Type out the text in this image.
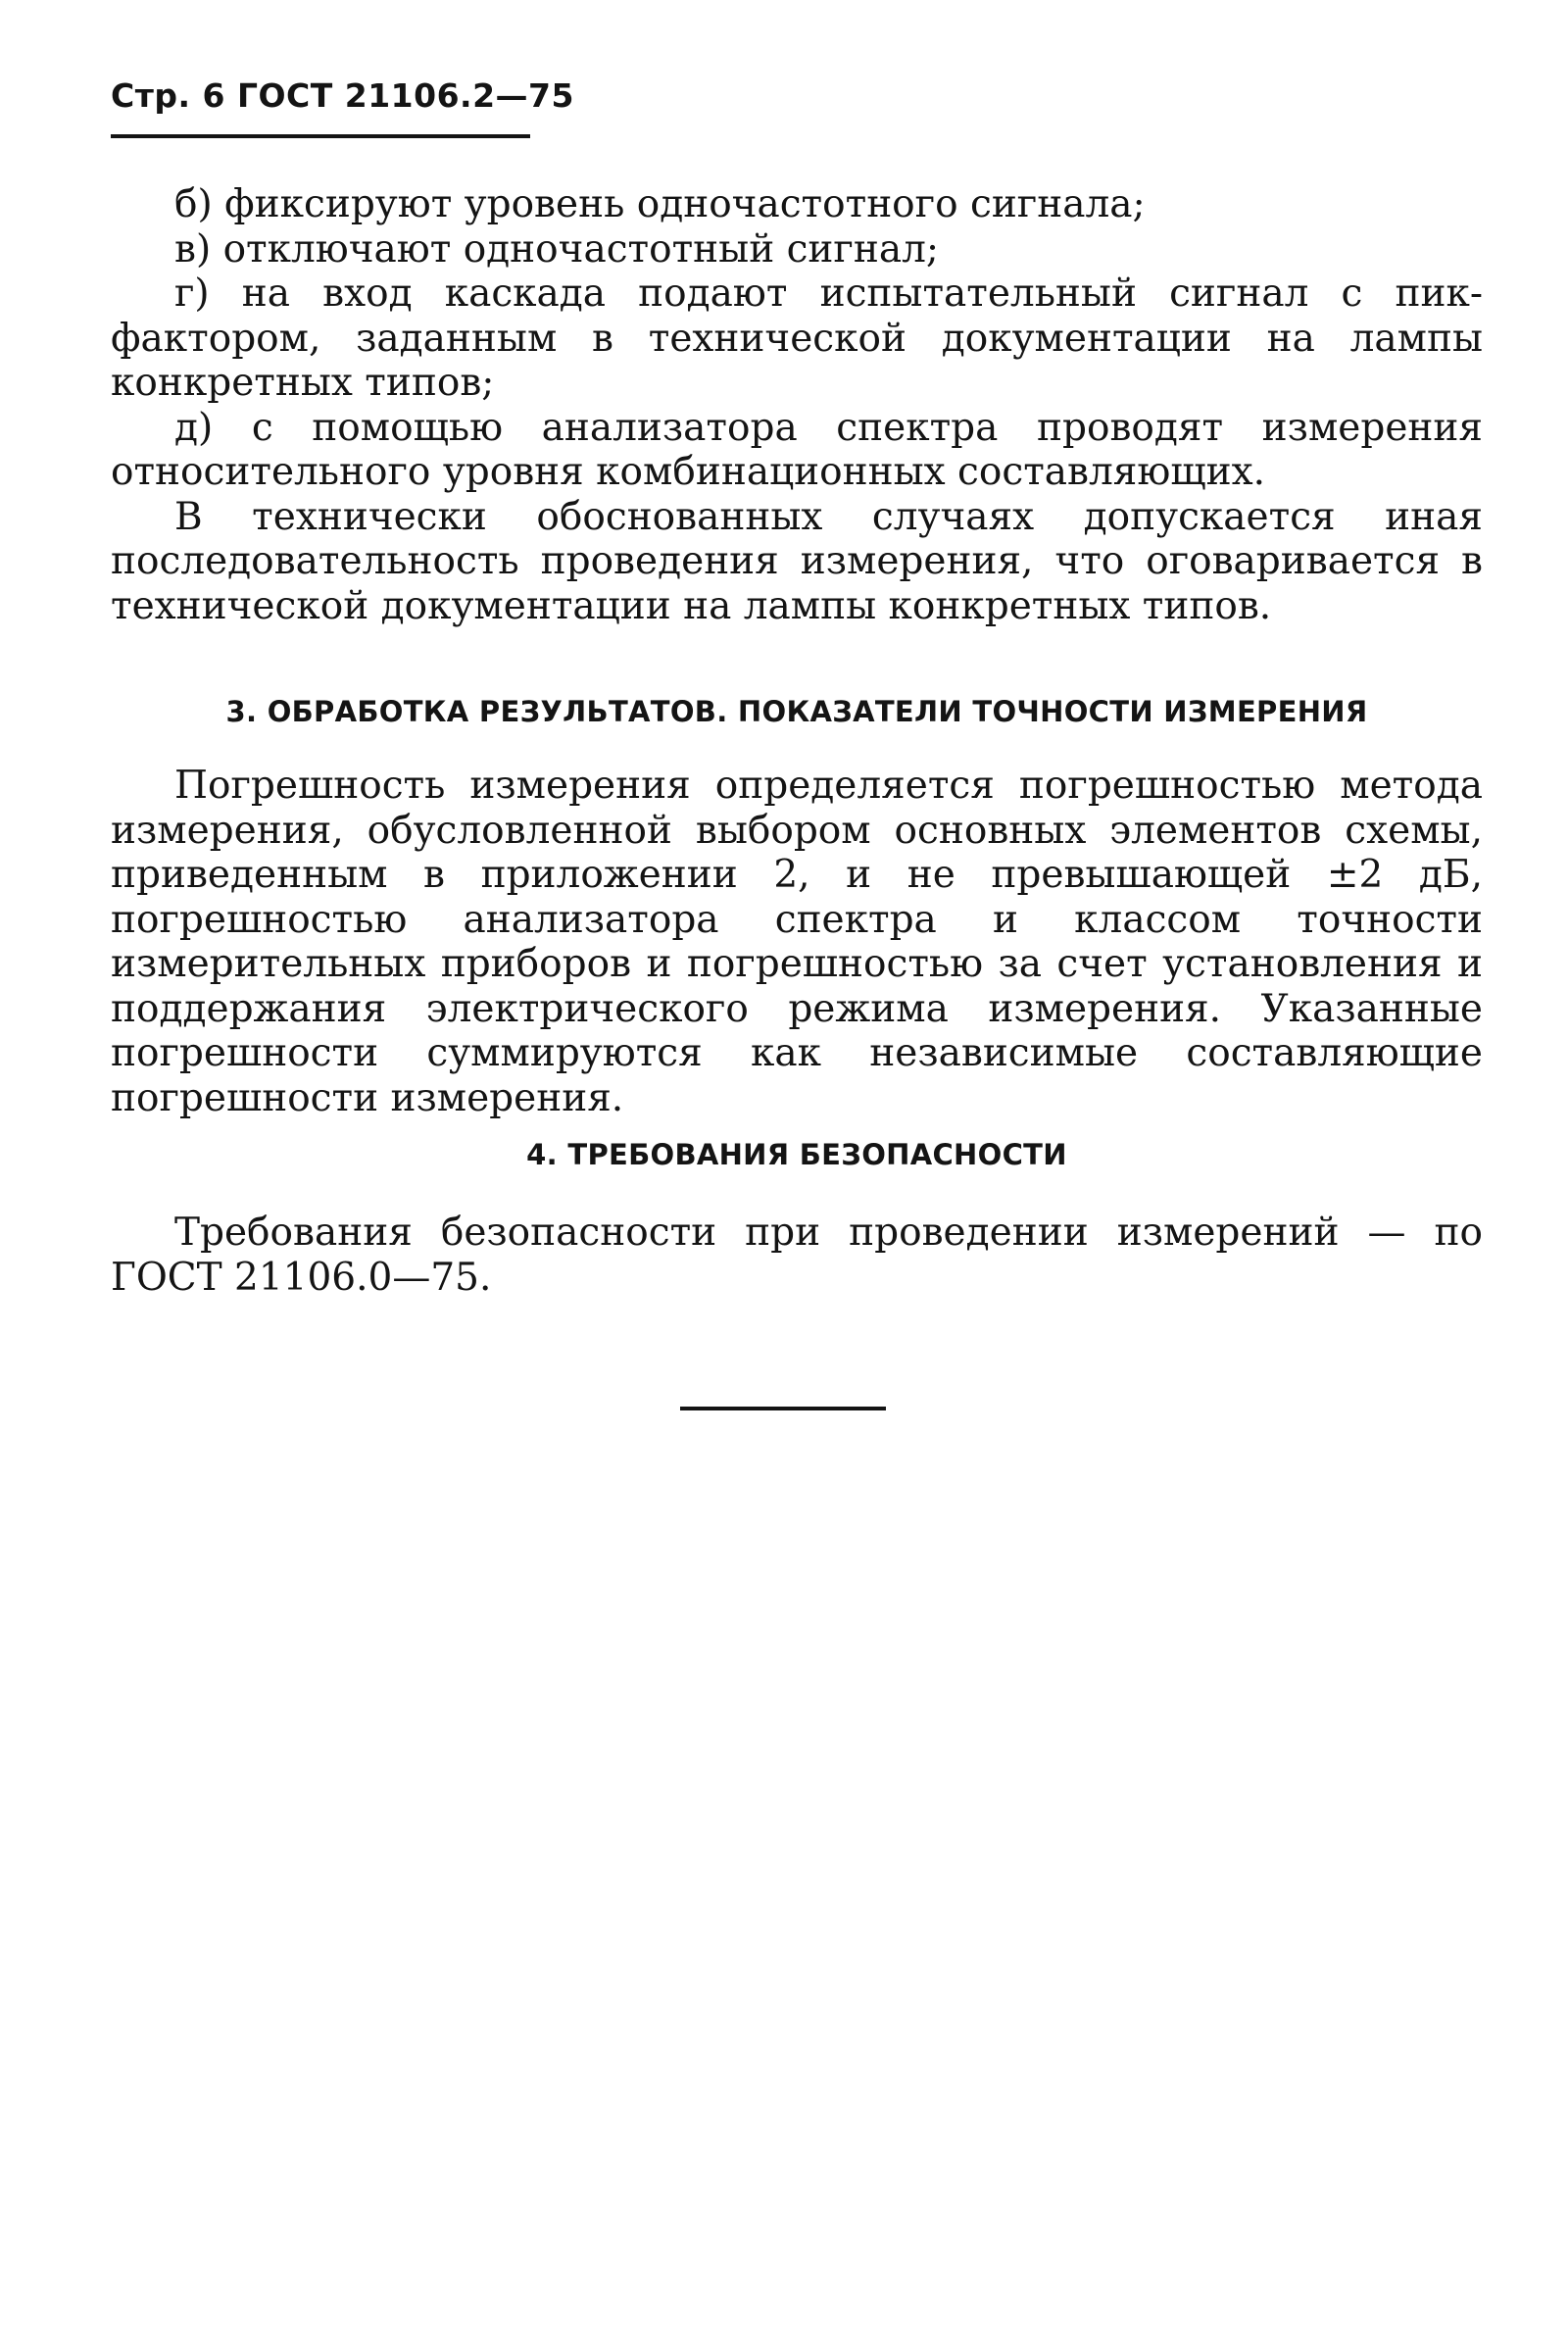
Стр. 6 ГОСТ 21106.2—75

б) фиксируют уровень одночастотного сигнала;

в) отключают одночастотный сигнал;

г) на вход каскада подают испытательный сигнал с пик-фактором, заданным в технической документации на лампы конкретных типов;

д) с помощью анализатора спектра проводят измерения относительного уровня комбинационных составляющих.

В технически обоснованных случаях допускается иная последовательность проведения измерения, что оговаривается в технической документации на лампы конкретных типов.

3. ОБРАБОТКА РЕЗУЛЬТАТОВ. ПОКАЗАТЕЛИ ТОЧНОСТИ ИЗМЕРЕНИЯ

Погрешность измерения определяется погрешностью метода измерения, обусловленной выбором основных элементов схемы, приведенным в приложении 2, и не превышающей ±2 дБ, погрешностью анализатора спектра и классом точности измерительных приборов и погрешностью за счет установления и поддержания электрического режима измерения. Указанные погрешности суммируются как независимые составляющие погрешности измерения.

4. ТРЕБОВАНИЯ БЕЗОПАСНОСТИ

Требования безопасности при проведении измерений — по ГОСТ 21106.0—75.
